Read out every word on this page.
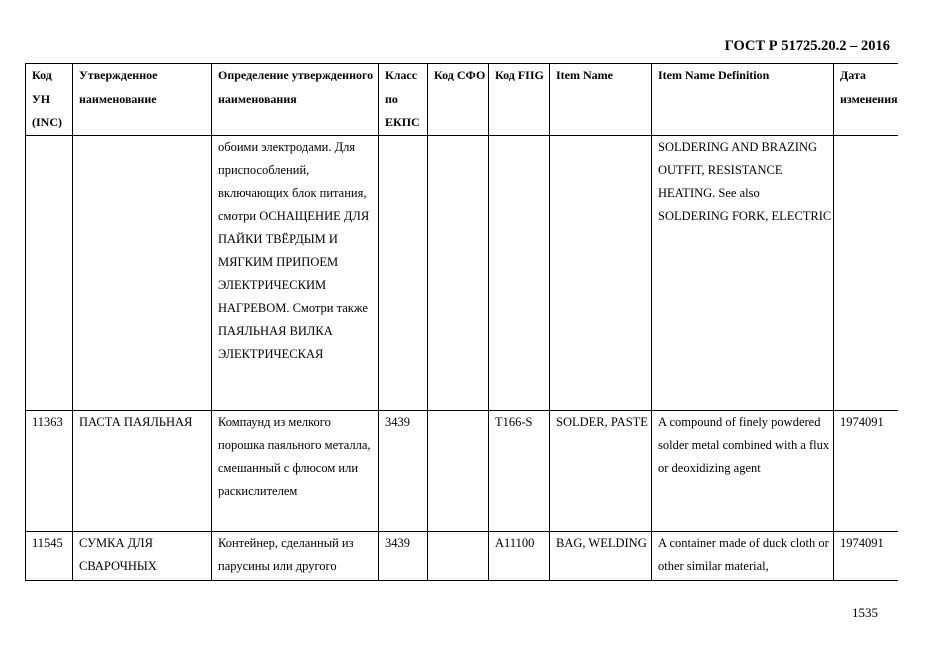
ГОСТ Р 51725.20.2 – 2016
Код УН (INC)	Утвержденное наименование	Определение утвержденного наименования	Класс по ЕКПС	Код СФО	Код FIIG	Item Name	Item Name Definition	Дата изменения
		обоими электродами. Для приспособлений, включающих блок питания, смотри ОСНАЩЕНИЕ ДЛЯ ПАЙКИ ТВЁРДЫМ И МЯГКИМ ПРИПОЕМ ЭЛЕКТРИЧЕСКИМ НАГРЕВОМ. Смотри также ПАЯЛЬНАЯ ВИЛКА ЭЛЕКТРИЧЕСКАЯ					SOLDERING AND BRAZING OUTFIT, RESISTANCE HEATING. See also SOLDERING FORK, ELECTRIC	
11363	ПАСТА ПАЯЛЬНАЯ	Компаунд из мелкого порошка паяльного металла, смешанный с флюсом или раскислителем	3439		T166-S	SOLDER, PASTE	A compound of finely powdered solder metal combined with a flux or deoxidizing agent	1974091
11545	СУМКА ДЛЯ СВАРОЧНЫХ	Контейнер, сделанный из парусины или другого	3439		A11100	BAG, WELDING	A container made of duck cloth or other similar material,	1974091
1535
